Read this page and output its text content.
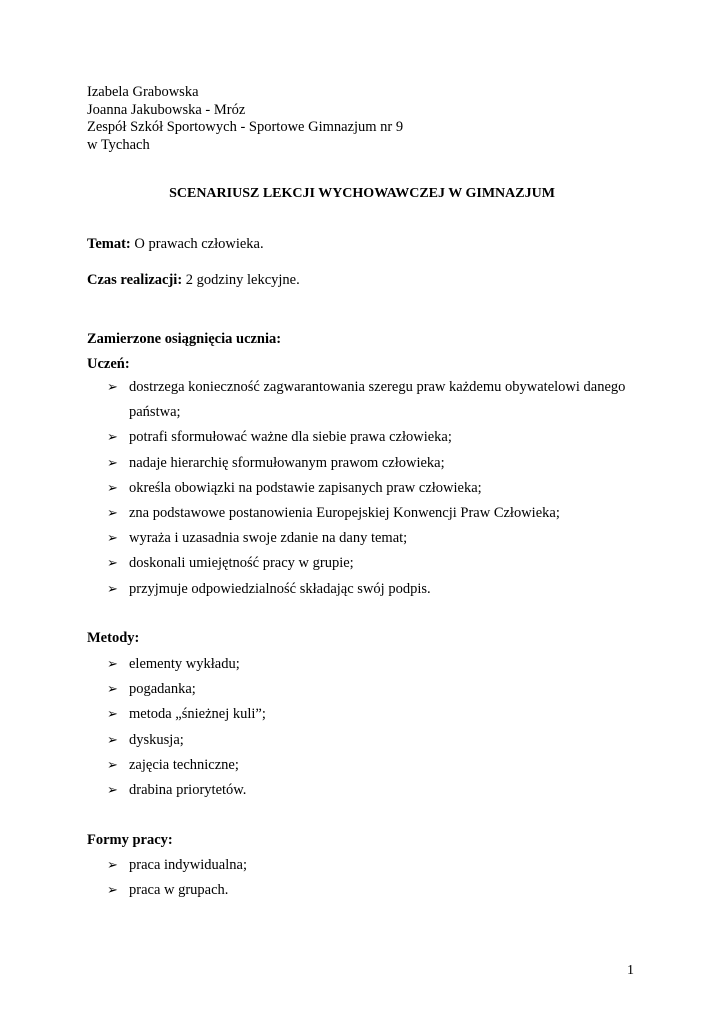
Izabela Grabowska
Joanna Jakubowska - Mróz
Zespół Szkół Sportowych - Sportowe Gimnazjum nr 9
w Tychach
SCENARIUSZ LEKCJI WYCHOWAWCZEJ W GIMNAZJUM
Temat: O prawach człowieka.
Czas realizacji: 2 godziny lekcyjne.
Zamierzone osiągnięcia ucznia:
Uczeń:
➢ dostrzega konieczność zagwarantowania szeregu praw każdemu obywatelowi danego państwa;
➢ potrafi sformułować ważne dla siebie prawa człowieka;
➢ nadaje hierarchię sformułowanym prawom człowieka;
➢ określa obowiązki na podstawie zapisanych praw człowieka;
➢ zna podstawowe postanowienia Europejskiej Konwencji Praw Człowieka;
➢ wyraża i uzasadnia swoje zdanie na dany temat;
➢ doskonali umiejętność pracy w grupie;
➢ przyjmuje odpowiedzialność składając swój podpis.
Metody:
➢ elementy wykładu;
➢ pogadanka;
➢ metoda „śnieżnej kuli”;
➢ dyskusja;
➢ zajęcia techniczne;
➢ drabina priorytetów.
Formy pracy:
➢ praca indywidualna;
➢ praca w grupach.
1
